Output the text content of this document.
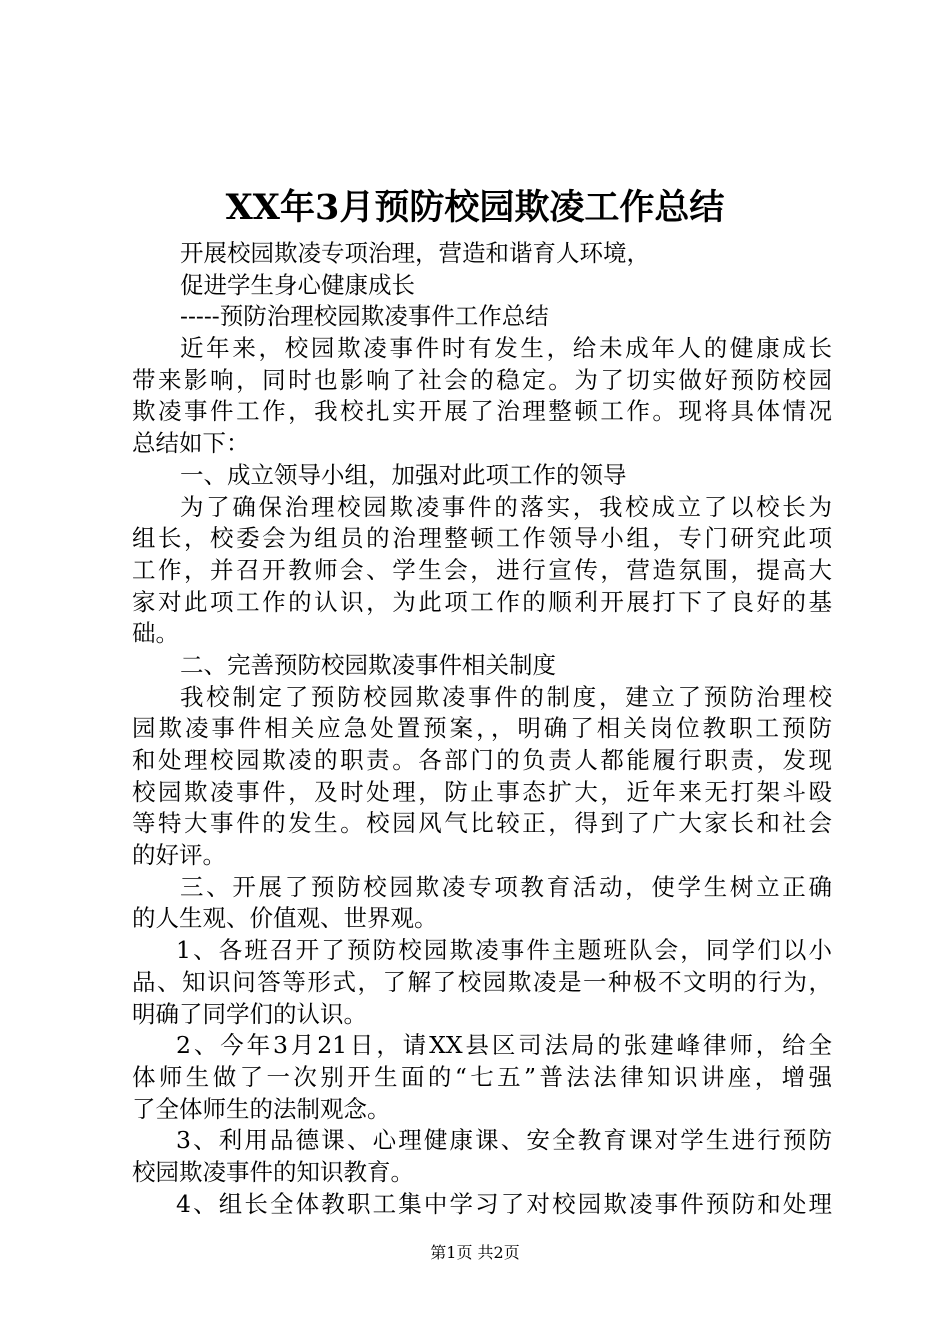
XX年3月预防校园欺凌工作总结
开展校园欺凌专项治理，营造和谐育人环境，
促进学生身心健康成长
-----预防治理校园欺凌事件工作总结
近年来，校园欺凌事件时有发生，给未成年人的健康成长
带来影响，同时也影响了社会的稳定。为了切实做好预防校园
欺凌事件工作，我校扎实开展了治理整顿工作。现将具体情况
总结如下：
一、成立领导小组，加强对此项工作的领导
为了确保治理校园欺凌事件的落实，我校成立了以校长为
组长，校委会为组员的治理整顿工作领导小组，专门研究此项
工作，并召开教师会、学生会，进行宣传，营造氛围，提高大
家对此项工作的认识，为此项工作的顺利开展打下了良好的基
础。
二、完善预防校园欺凌事件相关制度
我校制定了预防校园欺凌事件的制度，建立了预防治理校
园欺凌事件相关应急处置预案，，明确了相关岗位教职工预防
和处理校园欺凌的职责。各部门的负责人都能履行职责，发现
校园欺凌事件，及时处理，防止事态扩大，近年来无打架斗殴
等特大事件的发生。校园风气比较正，得到了广大家长和社会
的好评。
三、开展了预防校园欺凌专项教育活动，使学生树立正确
的人生观、价值观、世界观。
1、各班召开了预防校园欺凌事件主题班队会，同学们以小
品、知识问答等形式，了解了校园欺凌是一种极不文明的行为，
明确了同学们的认识。
2、今年3月21日，请XX县区司法局的张建峰律师，给全
体师生做了一次别开生面的“七五”普法法律知识讲座，增强
了全体师生的法制观念。
3、利用品德课、心理健康课、安全教育课对学生进行预防
校园欺凌事件的知识教育。
4、组长全体教职工集中学习了对校园欺凌事件预防和处理
第1页 共2页
